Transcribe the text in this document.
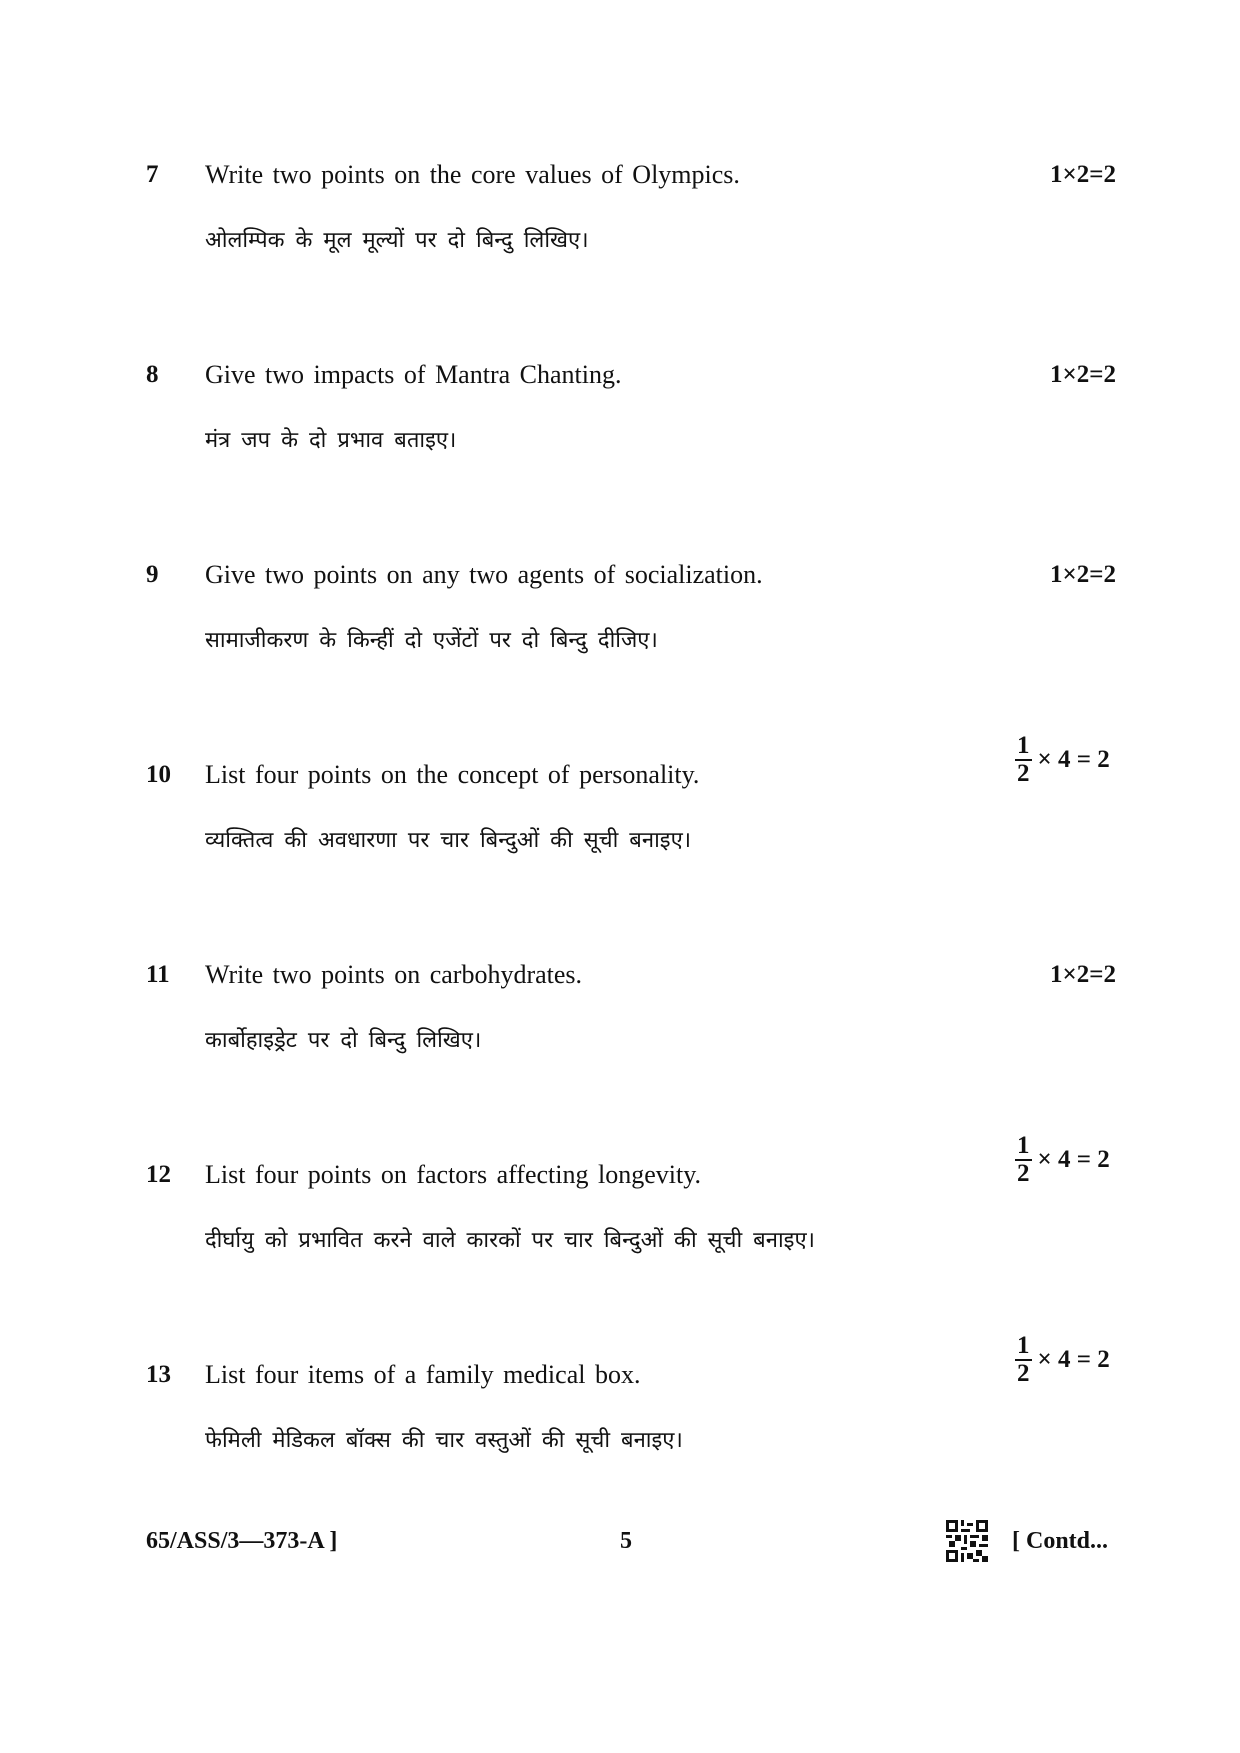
7 Write two points on the core values of Olympics.
ओलम्पिक के मूल मूल्यों पर दो बिन्दु लिखिए।
1×2=2
8 Give two impacts of Mantra Chanting.
मंत्र जप के दो प्रभाव बताइए।
1×2=2
9 Give two points on any two agents of socialization.
सामाजीकरण के किन्हीं दो एजेंटों पर दो बिन्दु दीजिए।
1×2=2
10 List four points on the concept of personality.
व्यक्तित्व की अवधारणा पर चार बिन्दुओं की सूची बनाइए।
$\frac{1}{2} \times 4 = 2$
11 Write two points on carbohydrates.
कार्बोहाइड्रेट पर दो बिन्दु लिखिए।
1×2=2
12 List four points on factors affecting longevity.
दीर्घायु को प्रभावित करने वाले कारकों पर चार बिन्दुओं की सूची बनाइए।
$\frac{1}{2} \times 4 = 2$
13 List four items of a family medical box.
फेमिली मेडिकल बॉक्स की चार वस्तुओं की सूची बनाइए।
$\frac{1}{2} \times 4 = 2$
65/ASS/3—373-A ]	5	[ Contd...
